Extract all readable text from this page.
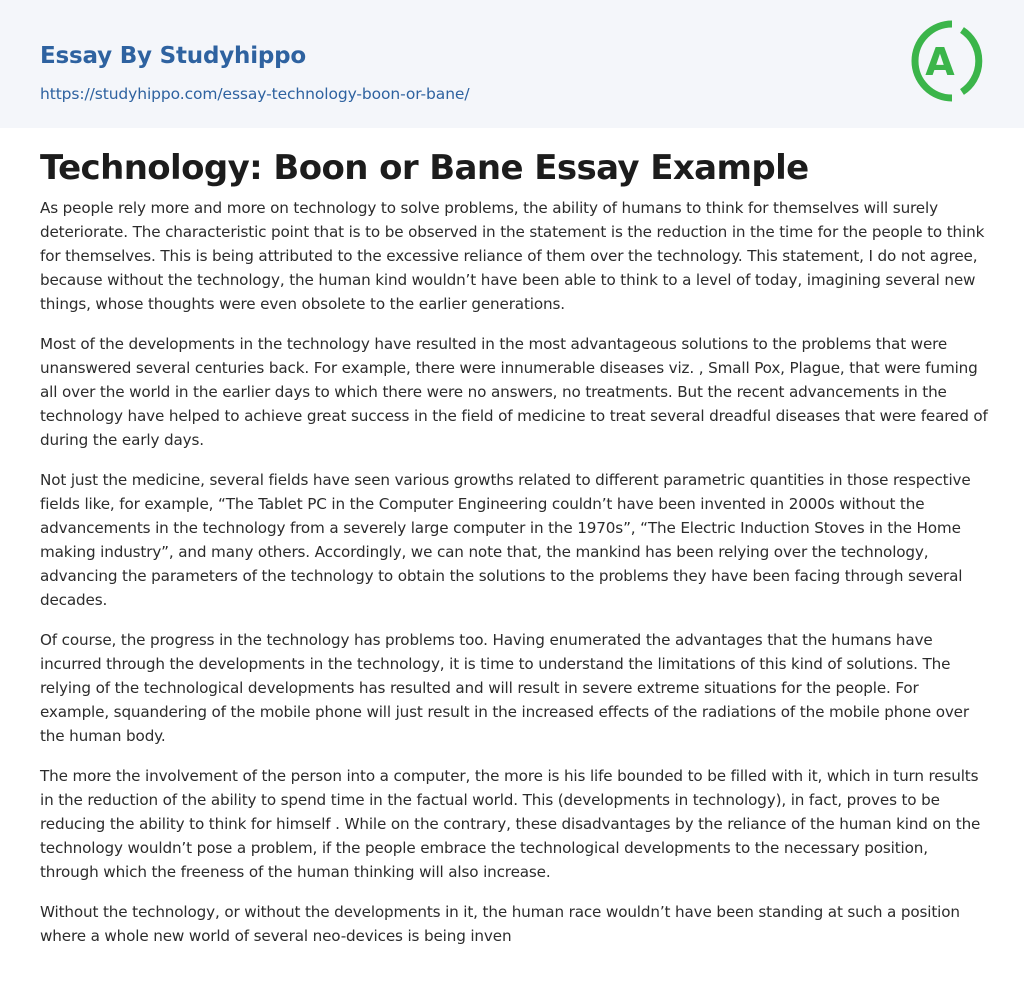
Essay By Studyhippo
https://studyhippo.com/essay-technology-boon-or-bane/
A
Technology: Boon or Bane Essay Example

As people rely more and more on technology to solve problems, the ability of humans to think for themselves will surely deteriorate. The characteristic point that is to be observed in the statement is the reduction in the time for the people to think for themselves. This is being attributed to the excessive reliance of them over the technology. This statement, I do not agree, because without the technology, the human kind wouldn’t have been able to think to a level of today, imagining several new things, whose thoughts were even obsolete to the earlier generations.

Most of the developments in the technology have resulted in the most advantageous solutions to the problems that were unanswered several centuries back. For example, there were innumerable diseases viz. , Small Pox, Plague, that were fuming all over the world in the earlier days to which there were no answers, no treatments. But the recent advancements in the technology have helped to achieve great success in the field of medicine to treat several dreadful diseases that were feared of during the early days.

Not just the medicine, several fields have seen various growths related to different parametric quantities in those respective fields like, for example, “The Tablet PC in the Computer Engineering couldn’t have been invented in 2000s without the advancements in the technology from a severely large computer in the 1970s”, “The Electric Induction Stoves in the Home making industry”, and many others. Accordingly, we can note that, the mankind has been relying over the technology, advancing the parameters of the technology to obtain the solutions to the problems they have been facing through several decades.

Of course, the progress in the technology has problems too. Having enumerated the advantages that the humans have incurred through the developments in the technology, it is time to understand the limitations of this kind of solutions. The relying of the technological developments has resulted and will result in severe extreme situations for the people. For example, squandering of the mobile phone will just result in the increased effects of the radiations of the mobile phone over the human body.

The more the involvement of the person into a computer, the more is his life bounded to be filled with it, which in turn results in the reduction of the ability to spend time in the factual world. This (developments in technology), in fact, proves to be reducing the ability to think for himself . While on the contrary, these disadvantages by the reliance of the human kind on the technology wouldn’t pose a problem, if the people embrace the technological developments to the necessary position, through which the freeness of the human thinking will also increase.

Without the technology, or without the developments in it, the human race wouldn’t have been standing at such a position where a whole new world of several neo-devices is being inven
